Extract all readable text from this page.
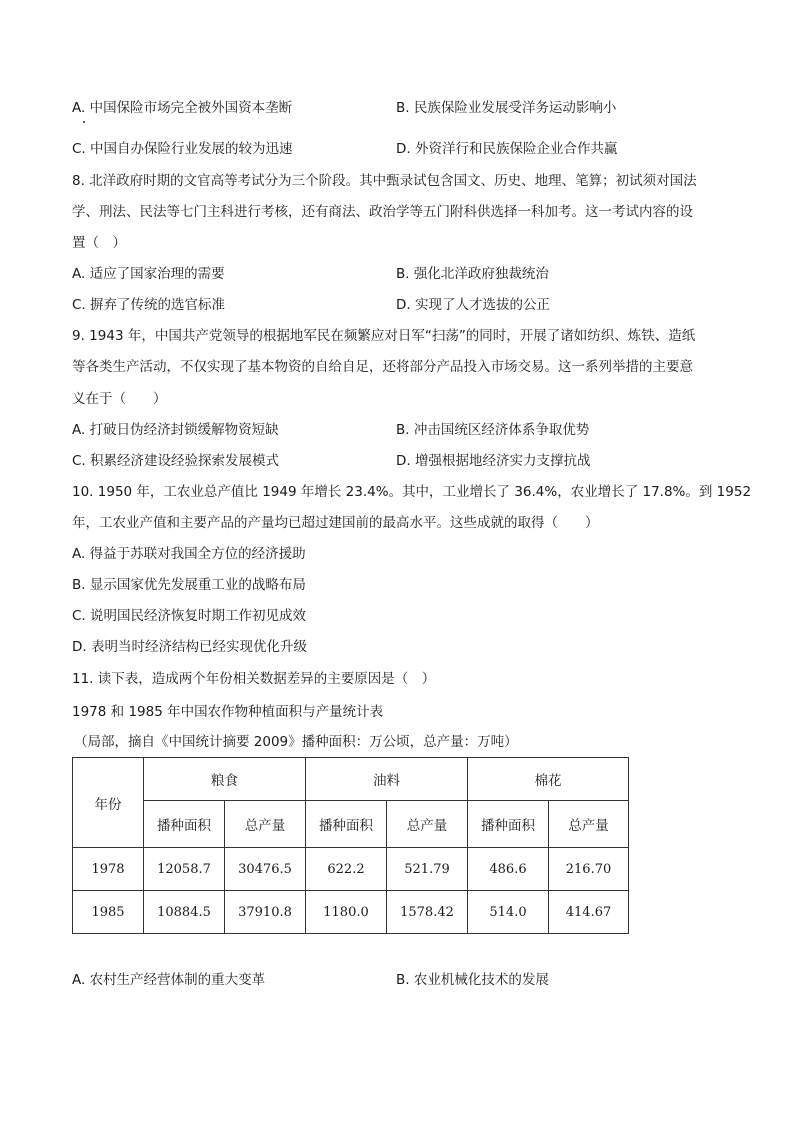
A. 中国保险市场完全被外国资本垄断	B. 民族保险业发展受洋务运动影响小
C. 中国自办保险行业发展的较为迅速	D. 外资洋行和民族保险企业合作共赢
8. 北洋政府时期的文官高等考试分为三个阶段。其中甄录试包含国文、历史、地理、笔算；初试须对国法
学、刑法、民法等七门主科进行考核，还有商法、政治学等五门附科供选择一科加考。这一考试内容的设
置（　）
A. 适应了国家治理的需要	B. 强化北洋政府独裁统治
C. 摒弃了传统的选官标准	D. 实现了人才选拔的公正
9. 1943 年，中国共产党领导的根据地军民在频繁应对日军“扫荡”的同时，开展了诸如纺织、炼铁、造纸
等各类生产活动，不仅实现了基本物资的自给自足，还将部分产品投入市场交易。这一系列举措的主要意
义在于（　　）
A. 打破日伪经济封锁缓解物资短缺	B. 冲击国统区经济体系争取优势
C. 积累经济建设经验探索发展模式	D. 增强根据地经济实力支撑抗战
10. 1950 年，工农业总产值比 1949 年增长 23.4%。其中，工业增长了 36.4%，农业增长了 17.8%。到 1952
年，工农业产值和主要产品的产量均已超过建国前的最高水平。这些成就的取得（　　）
A. 得益于苏联对我国全方位的经济援助
B. 显示国家优先发展重工业的战略布局
C. 说明国民经济恢复时期工作初见成效
D. 表明当时经济结构已经实现优化升级
11. 读下表，造成两个年份相关数据差异的主要原因是（　）
1978 和 1985 年中国农作物种植面积与产量统计表
（局部，摘自《中国统计摘要 2009》播种面积：万公顷，总产量：万吨）
年份	粮食		油料		棉花	
	播种面积	总产量	播种面积	总产量	播种面积	总产量
1978	12058.7	30476.5	622.2	521.79	486.6	216.70
1985	10884.5	37910.8	1180.0	1578.42	514.0	414.67
A. 农村生产经营体制的重大变革	B. 农业机械化技术的发展
